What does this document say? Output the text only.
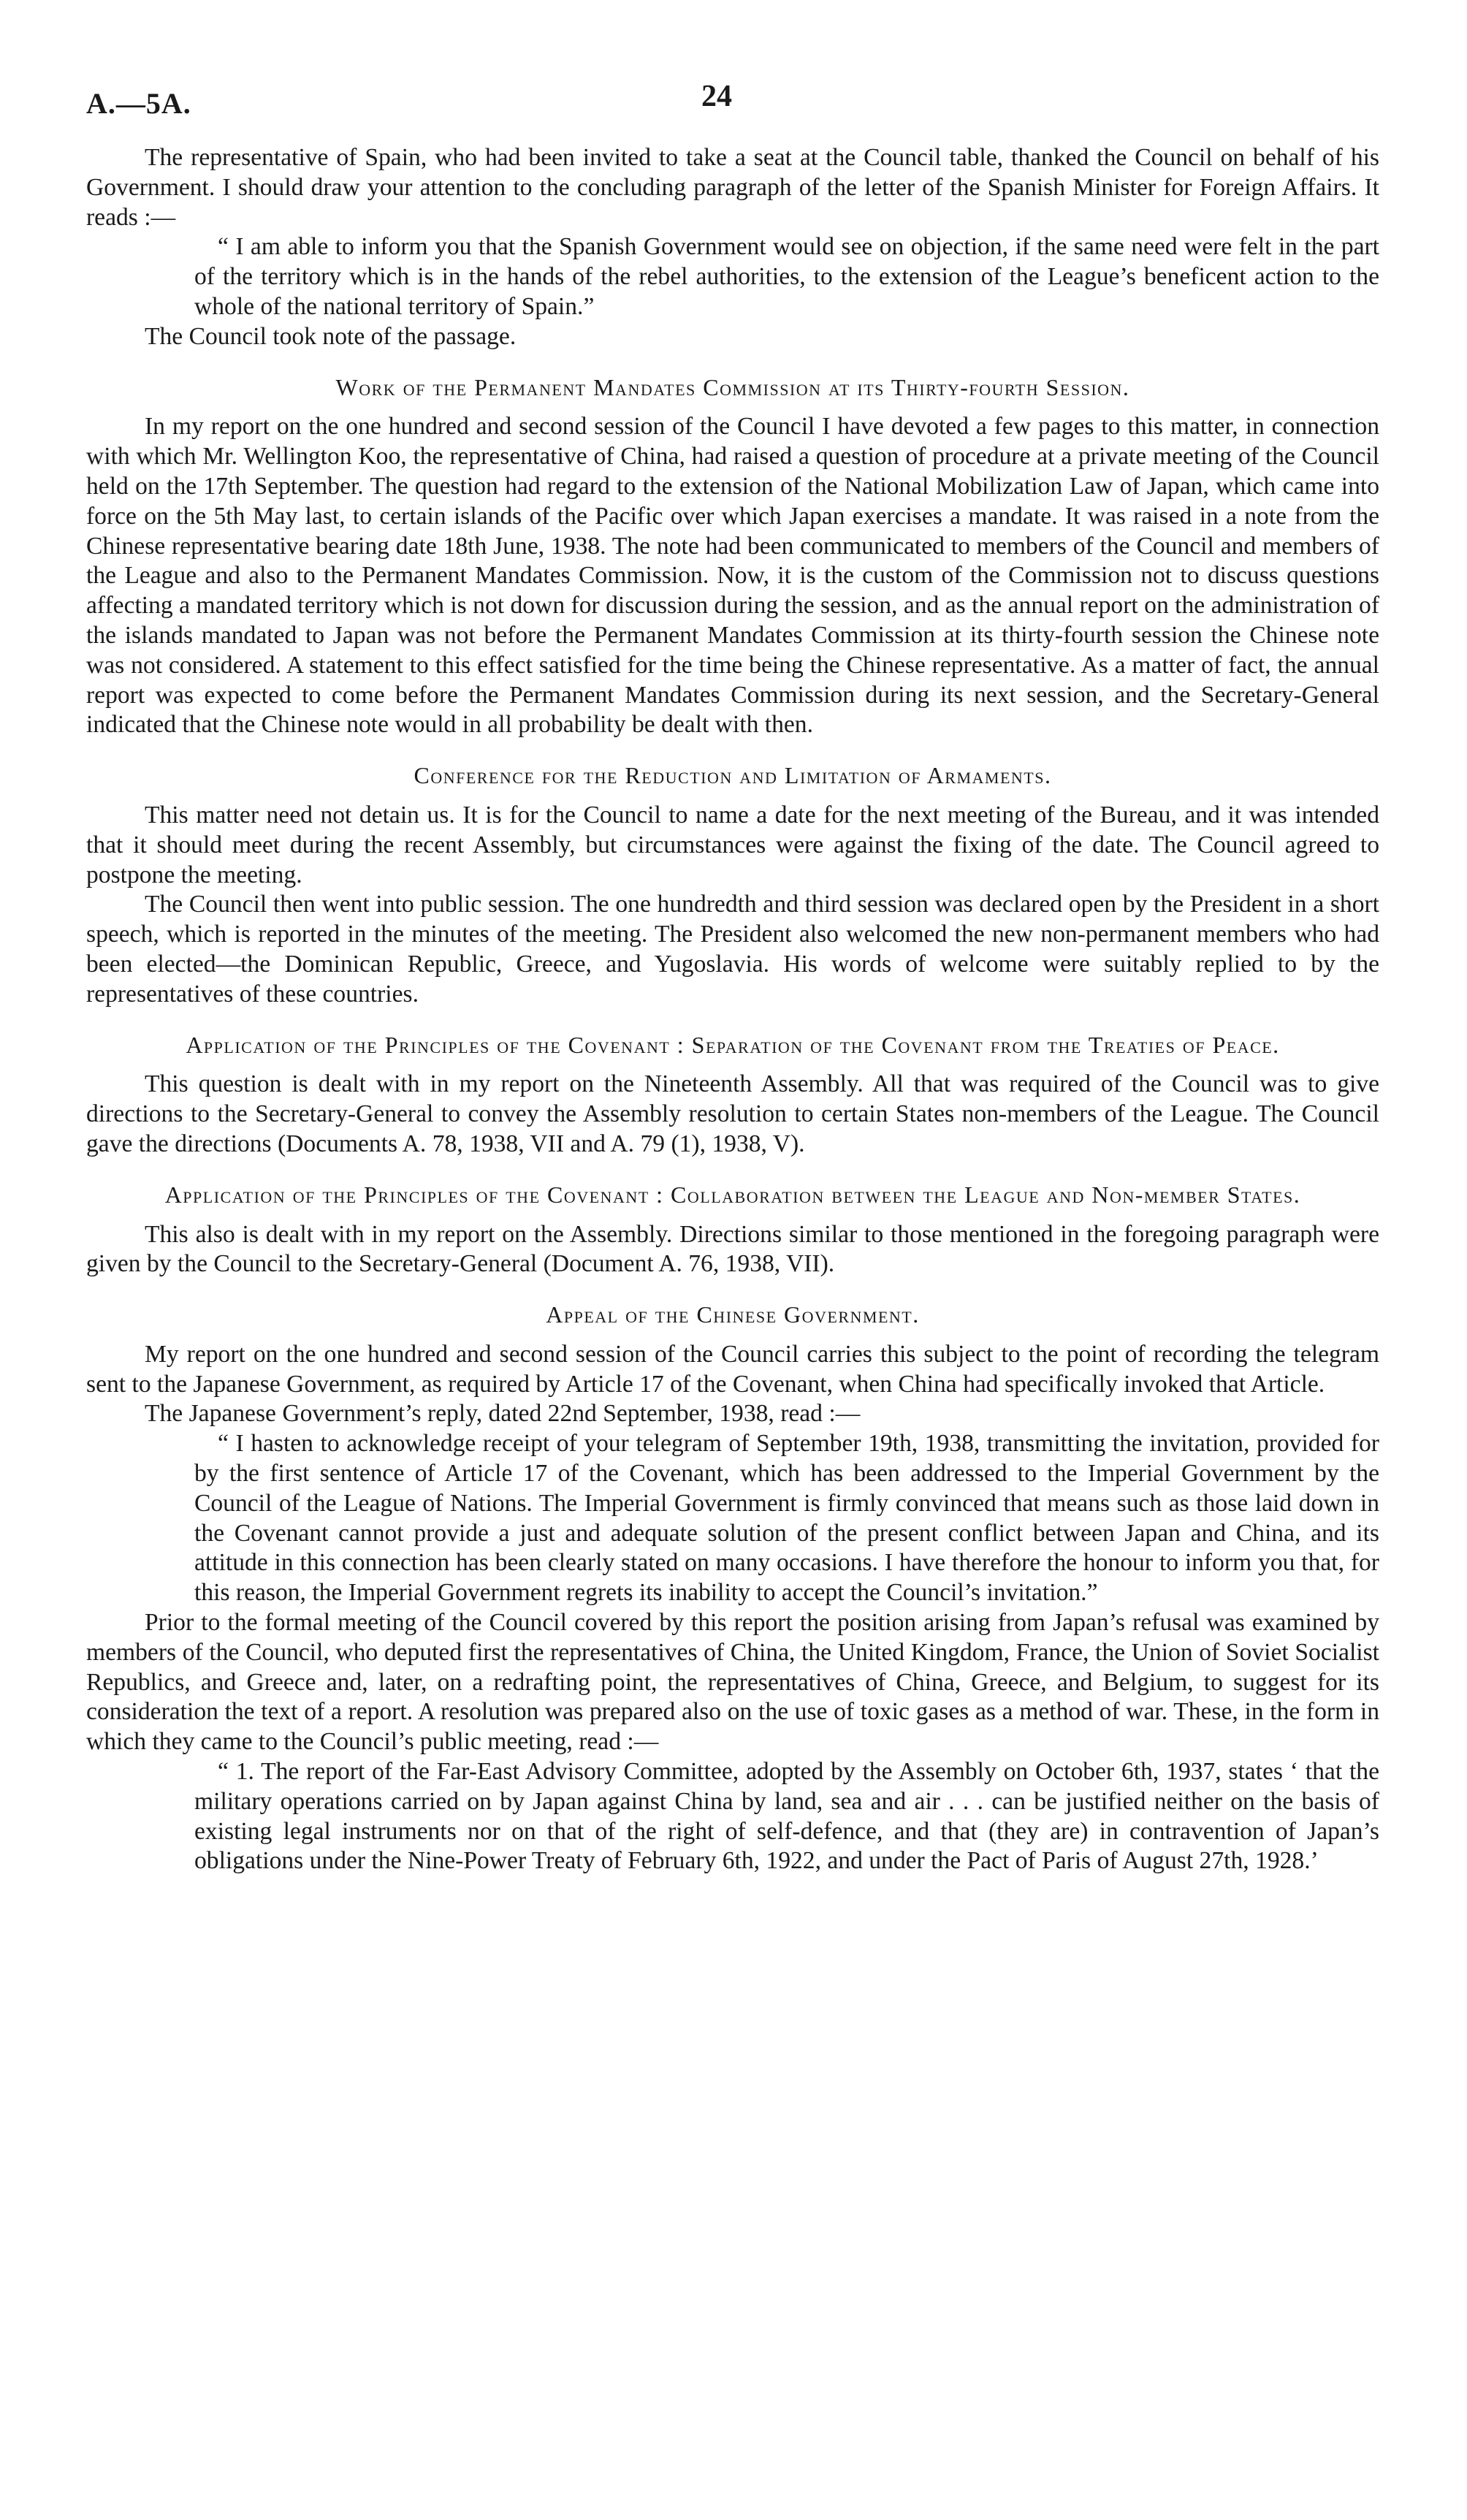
A.—5A.	24

The representative of Spain, who had been invited to take a seat at the Council table, thanked the Council on behalf of his Government. I should draw your attention to the concluding paragraph of the letter of the Spanish Minister for Foreign Affairs. It reads :—

“ I am able to inform you that the Spanish Government would see on objection, if the same need were felt in the part of the territory which is in the hands of the rebel authorities, to the extension of the League’s beneficent action to the whole of the national territory of Spain.”

The Council took note of the passage.

Work of the Permanent Mandates Commission at its Thirty-fourth Session.

In my report on the one hundred and second session of the Council I have devoted a few pages to this matter, in connection with which Mr. Wellington Koo, the representative of China, had raised a question of procedure at a private meeting of the Council held on the 17th September. The question had regard to the extension of the National Mobilization Law of Japan, which came into force on the 5th May last, to certain islands of the Pacific over which Japan exercises a mandate. It was raised in a note from the Chinese representative bearing date 18th June, 1938. The note had been communicated to members of the Council and members of the League and also to the Permanent Mandates Commission. Now, it is the custom of the Commission not to discuss questions affecting a mandated territory which is not down for discussion during the session, and as the annual report on the administration of the islands mandated to Japan was not before the Permanent Mandates Commission at its thirty-fourth session the Chinese note was not considered. A statement to this effect satisfied for the time being the Chinese representative. As a matter of fact, the annual report was expected to come before the Permanent Mandates Commission during its next session, and the Secretary-General indicated that the Chinese note would in all probability be dealt with then.

Conference for the Reduction and Limitation of Armaments.

This matter need not detain us. It is for the Council to name a date for the next meeting of the Bureau, and it was intended that it should meet during the recent Assembly, but circumstances were against the fixing of the date. The Council agreed to postpone the meeting.

The Council then went into public session. The one hundredth and third session was declared open by the President in a short speech, which is reported in the minutes of the meeting. The President also welcomed the new non-permanent members who had been elected—the Dominican Republic, Greece, and Yugoslavia. His words of welcome were suitably replied to by the representatives of these countries.

Application of the Principles of the Covenant : Separation of the Covenant from the Treaties of Peace.

This question is dealt with in my report on the Nineteenth Assembly. All that was required of the Council was to give directions to the Secretary-General to convey the Assembly resolution to certain States non-members of the League. The Council gave the directions (Documents A. 78, 1938, VII and A. 79 (1), 1938, V).

Application of the Principles of the Covenant : Collaboration between the League and Non-member States.

This also is dealt with in my report on the Assembly. Directions similar to those mentioned in the foregoing paragraph were given by the Council to the Secretary-General (Document A. 76, 1938, VII).

Appeal of the Chinese Government.

My report on the one hundred and second session of the Council carries this subject to the point of recording the telegram sent to the Japanese Government, as required by Article 17 of the Covenant, when China had specifically invoked that Article.

The Japanese Government’s reply, dated 22nd September, 1938, read :—

“ I hasten to acknowledge receipt of your telegram of September 19th, 1938, transmitting the invitation, provided for by the first sentence of Article 17 of the Covenant, which has been addressed to the Imperial Government by the Council of the League of Nations. The Imperial Government is firmly convinced that means such as those laid down in the Covenant cannot provide a just and adequate solution of the present conflict between Japan and China, and its attitude in this connection has been clearly stated on many occasions. I have therefore the honour to inform you that, for this reason, the Imperial Government regrets its inability to accept the Council’s invitation.”

Prior to the formal meeting of the Council covered by this report the position arising from Japan’s refusal was examined by members of the Council, who deputed first the representatives of China, the United Kingdom, France, the Union of Soviet Socialist Republics, and Greece and, later, on a redrafting point, the representatives of China, Greece, and Belgium, to suggest for its consideration the text of a report. A resolution was prepared also on the use of toxic gases as a method of war. These, in the form in which they came to the Council’s public meeting, read :—

“ 1. The report of the Far-East Advisory Committee, adopted by the Assembly on October 6th, 1937, states ‘ that the military operations carried on by Japan against China by land, sea and air . . . can be justified neither on the basis of existing legal instruments nor on that of the right of self-defence, and that (they are) in contravention of Japan’s obligations under the Nine-Power Treaty of February 6th, 1922, and under the Pact of Paris of August 27th, 1928.’
